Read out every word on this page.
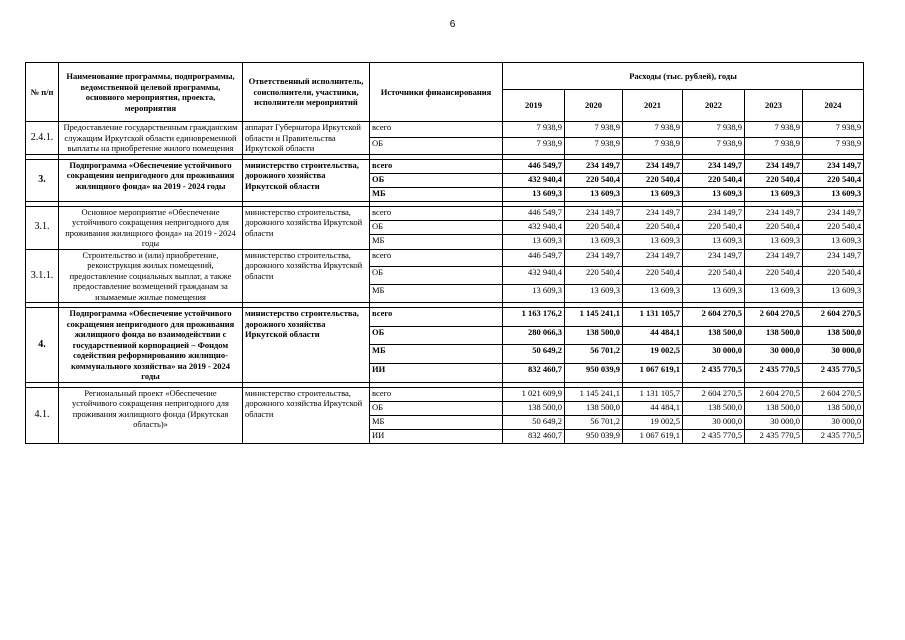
6
№ п/п	Наименование программы, подпрограммы, ведомственной целевой программы, основного мероприятия, проекта, мероприятия	Ответственный исполнитель, соисполнители, участники, исполнители мероприятий	Источники финансирования	Расходы (тыс. рублей), годы					
				2019	2020	2021	2022	2023	2024
2.4.1.	Предоставление государственным гражданским служащим Иркутской области единовременной выплаты на приобретение жилого помещения	аппарат Губернатора Иркутской области и Правительства Иркутской области	всего	7 938,9	7 938,9	7 938,9	7 938,9	7 938,9	7 938,9
			ОБ	7 938,9	7 938,9	7 938,9	7 938,9	7 938,9	7 938,9

3.	Подпрограмма «Обеспечение устойчивого сокращения непригодного для проживания жилищного фонда» на 2019 - 2024 годы	министерство строительства, дорожного хозяйства Иркутской области	всего	446 549,7	234 149,7	234 149,7	234 149,7	234 149,7	234 149,7
			ОБ	432 940,4	220 540,4	220 540,4	220 540,4	220 540,4	220 540,4
			МБ	13 609,3	13 609,3	13 609,3	13 609,3	13 609,3	13 609,3

3.1.	Основное мероприятие «Обеспечение устойчивого сокращения непригодного для проживания жилищного фонда» на 2019 - 2024 годы	министерство строительства, дорожного хозяйства Иркутской области	всего	446 549,7	234 149,7	234 149,7	234 149,7	234 149,7	234 149,7
			ОБ	432 940,4	220 540,4	220 540,4	220 540,4	220 540,4	220 540,4
			МБ	13 609,3	13 609,3	13 609,3	13 609,3	13 609,3	13 609,3
3.1.1.	Строительство и (или) приобретение, реконструкция жилых помещений, предоставление социальных выплат, а также предоставление возмещений гражданам за изымаемые жилые помещения	министерство строительства, дорожного хозяйства Иркутской области	всего	446 549,7	234 149,7	234 149,7	234 149,7	234 149,7	234 149,7
			ОБ	432 940,4	220 540,4	220 540,4	220 540,4	220 540,4	220 540,4
			МБ	13 609,3	13 609,3	13 609,3	13 609,3	13 609,3	13 609,3

4.	Подпрограмма «Обеспечение устойчивого сокращения непригодного для проживания жилищного фонда во взаимодействии с государственной корпорацией – Фондом содействия реформированию жилищно-коммунального хозяйства» на 2019 - 2024 годы	министерство строительства, дорожного хозяйства Иркутской области	всего	1 163 176,2	1 145 241,1	1 131 105,7	2 604 270,5	2 604 270,5	2 604 270,5
			ОБ	280 066,3	138 500,0	44 484,1	138 500,0	138 500,0	138 500,0
			МБ	50 649,2	56 701,2	19 002,5	30 000,0	30 000,0	30 000,0
			ИИ	832 460,7	950 039,9	1 067 619,1	2 435 770,5	2 435 770,5	2 435 770,5

4.1.	Региональный проект «Обеспечение устойчивого сокращения непригодного для проживания жилищного фонда (Иркутская область)»	министерство строительства, дорожного хозяйства Иркутской области	всего	1 021 609,9	1 145 241,1	1 131 105,7	2 604 270,5	2 604 270,5	2 604 270,5
			ОБ	138 500,0	138 500,0	44 484,1	138 500,0	138 500,0	138 500,0
			МБ	50 649,2	56 701,2	19 002,5	30 000,0	30 000,0	30 000,0
			ИИ	832 460,7	950 039,9	1 067 619,1	2 435 770,5	2 435 770,5	2 435 770,5
